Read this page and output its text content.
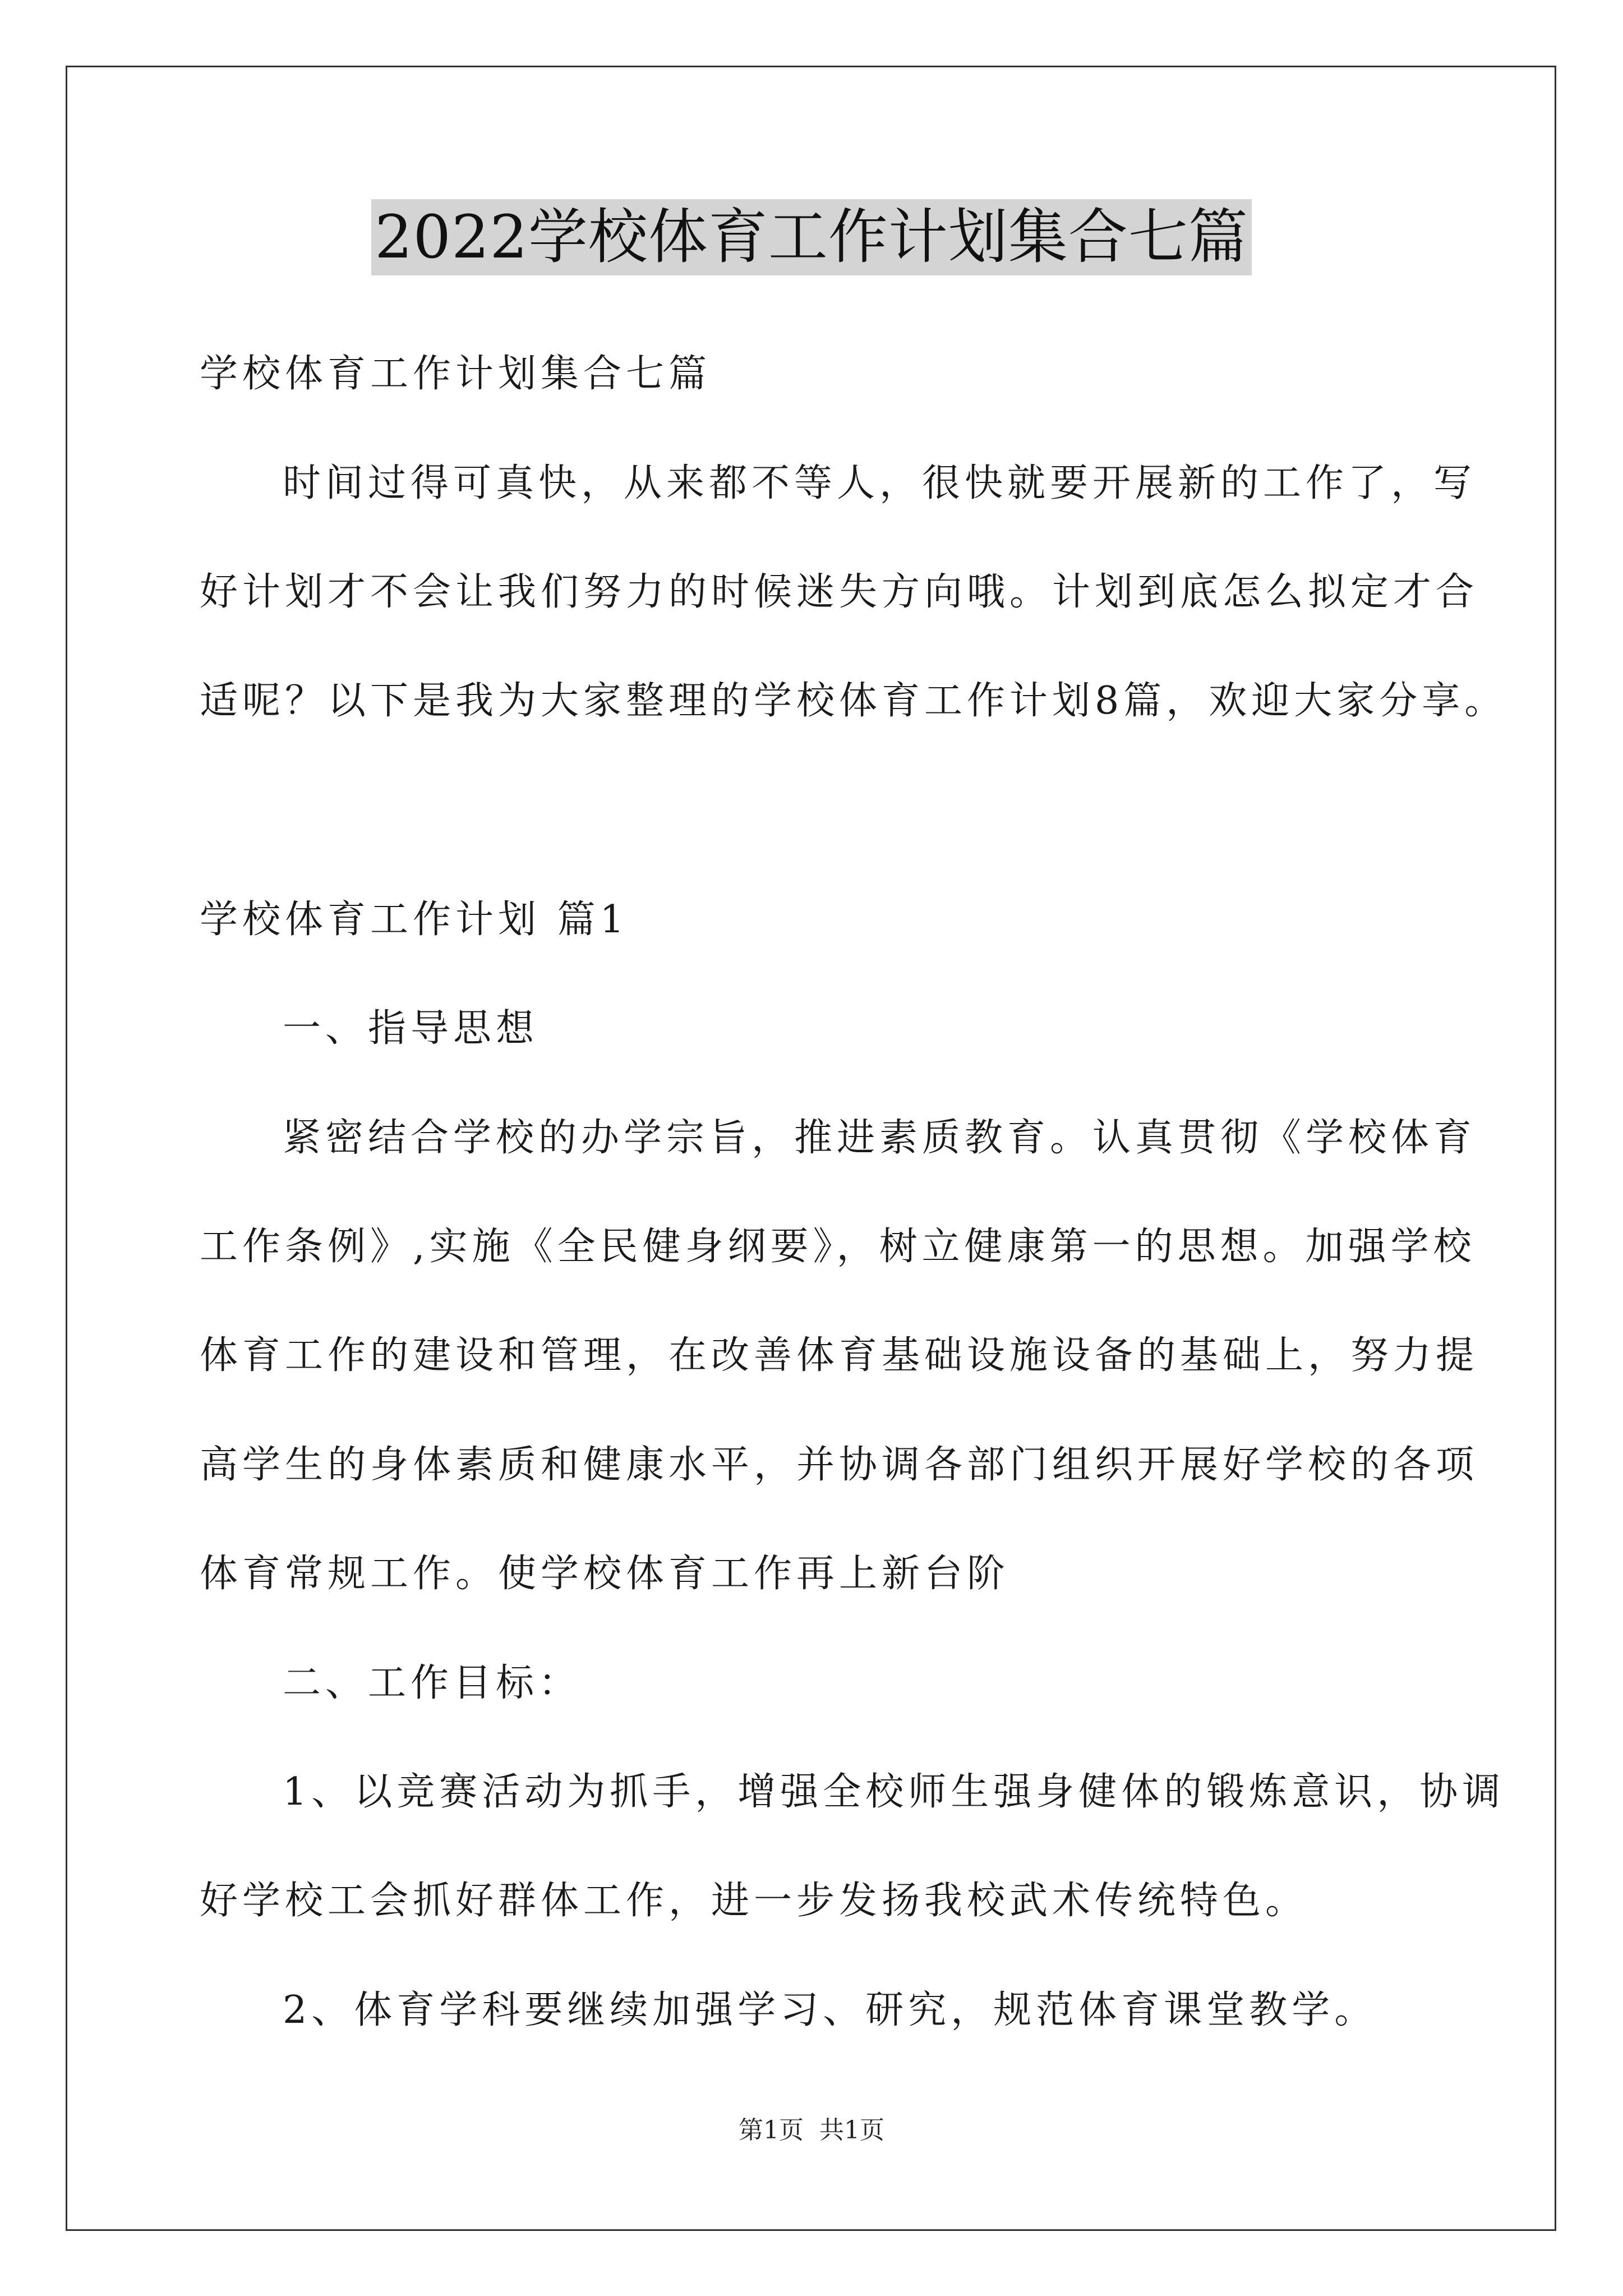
2022学校体育工作计划集合七篇
学校体育工作计划集合七篇
时间过得可真快，从来都不等人，很快就要开展新的工作了，写
好计划才不会让我们努力的时候迷失方向哦。计划到底怎么拟定才合
适呢？以下是我为大家整理的学校体育工作计划8篇，欢迎大家分享。
学校体育工作计划 篇1
一、指导思想
紧密结合学校的办学宗旨，推进素质教育。认真贯彻《学校体育
工作条例》,实施《全民健身纲要》，树立健康第一的思想。加强学校
体育工作的建设和管理，在改善体育基础设施设备的基础上，努力提
高学生的身体素质和健康水平，并协调各部门组织开展好学校的各项
体育常规工作。使学校体育工作再上新台阶
二、工作目标：
1、以竞赛活动为抓手，增强全校师生强身健体的锻炼意识，协调
好学校工会抓好群体工作，进一步发扬我校武术传统特色。
2、体育学科要继续加强学习、研究，规范体育课堂教学。
第1页 共1页
